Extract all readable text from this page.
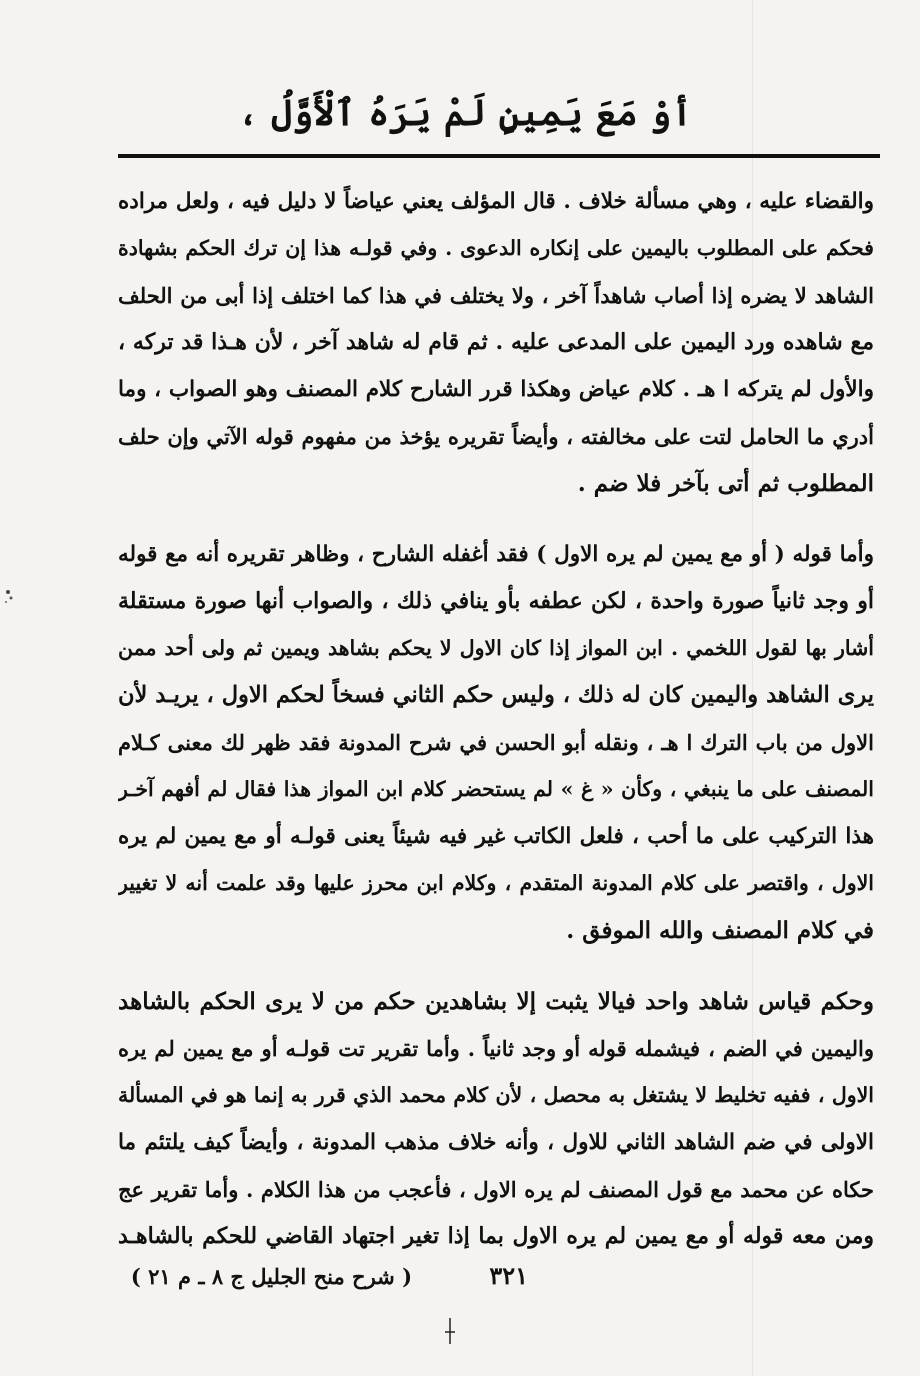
أوْ مَعَ يَمِينٍ لَمْ يَرَهُ ٱلْأَوَّلُ ،
والقضاء عليه ، وهي مسألة خلاف . قال المؤلف يعني عياضاً لا دليل فيه ، ولعل مراده
فحكم على المطلوب باليمين على إنكاره الدعوى . وفي قولـه هذا إن ترك الحكم بشهادة
الشاهد لا يضره إذا أصاب شاهداً آخر ، ولا يختلف في هذا كما اختلف إذا أبى من الحلف
مع شاهده ورد اليمين على المدعى عليه . ثم قام له شاهد آخر ، لأن هـذا قد تركه ،
والأول لم يتركه ا هـ . كلام عياض وهكذا قرر الشارح كلام المصنف وهو الصواب ، وما
أدري ما الحامل لتت على مخالفته ، وأيضاً تقريره يؤخذ من مفهوم قوله الآتي وإن حلف
المطلوب ثم أتى بآخر فلا ضم .
وأما قوله ( أو مع يمين لم يره الاول ) فقد أغفله الشارح ، وظاهر تقريره أنه مع قوله
أو وجد ثانياً صورة واحدة ، لكن عطفه بأو ينافي ذلك ، والصواب أنها صورة مستقلة
أشار بها لقول اللخمي . ابن المواز إذا كان الاول لا يحكم بشاهد ويمين ثم ولى أحد ممن
يرى الشاهد واليمين كان له ذلك ، وليس حكم الثاني فسخاً لحكم الاول ، يريـد لأن
الاول من باب الترك ا هـ ، ونقله أبو الحسن في شرح المدونة فقد ظهر لك معنى كـلام
المصنف على ما ينبغي ، وكأن « غ » لم يستحضر كلام ابن المواز هذا فقال لم أفهم آخـر
هذا التركيب على ما أحب ، فلعل الكاتب غير فيه شيئاً يعنى قولـه أو مع يمين لم يره
الاول ، واقتصر على كلام المدونة المتقدم ، وكلام ابن محرز عليها وقد علمت أنه لا تغيير
في كلام المصنف والله الموفق .
وحكم قياس شاهد واحد فيالا يثبت إلا بشاهدين حكم من لا يرى الحكم بالشاهد
واليمين في الضم ، فيشمله قوله أو وجد ثانياً . وأما تقرير تت قولـه أو مع يمين لم يره
الاول ، ففيه تخليط لا يشتغل به محصل ، لأن كلام محمد الذي قرر به إنما هو في المسألة
الاولى في ضم الشاهد الثاني للاول ، وأنه خلاف مذهب المدونة ، وأيضاً كيف يلتئم ما
حكاه عن محمد مع قول المصنف لم يره الاول ، فأعجب من هذا الكلام . وأما تقرير عج
ومن معه قوله أو مع يمين لم يره الاول بما إذا تغير اجتهاد القاضي للحكم بالشاهـد
٣٢١ ( شرح منح الجليل ج ٨ ـ م ٢١ )
